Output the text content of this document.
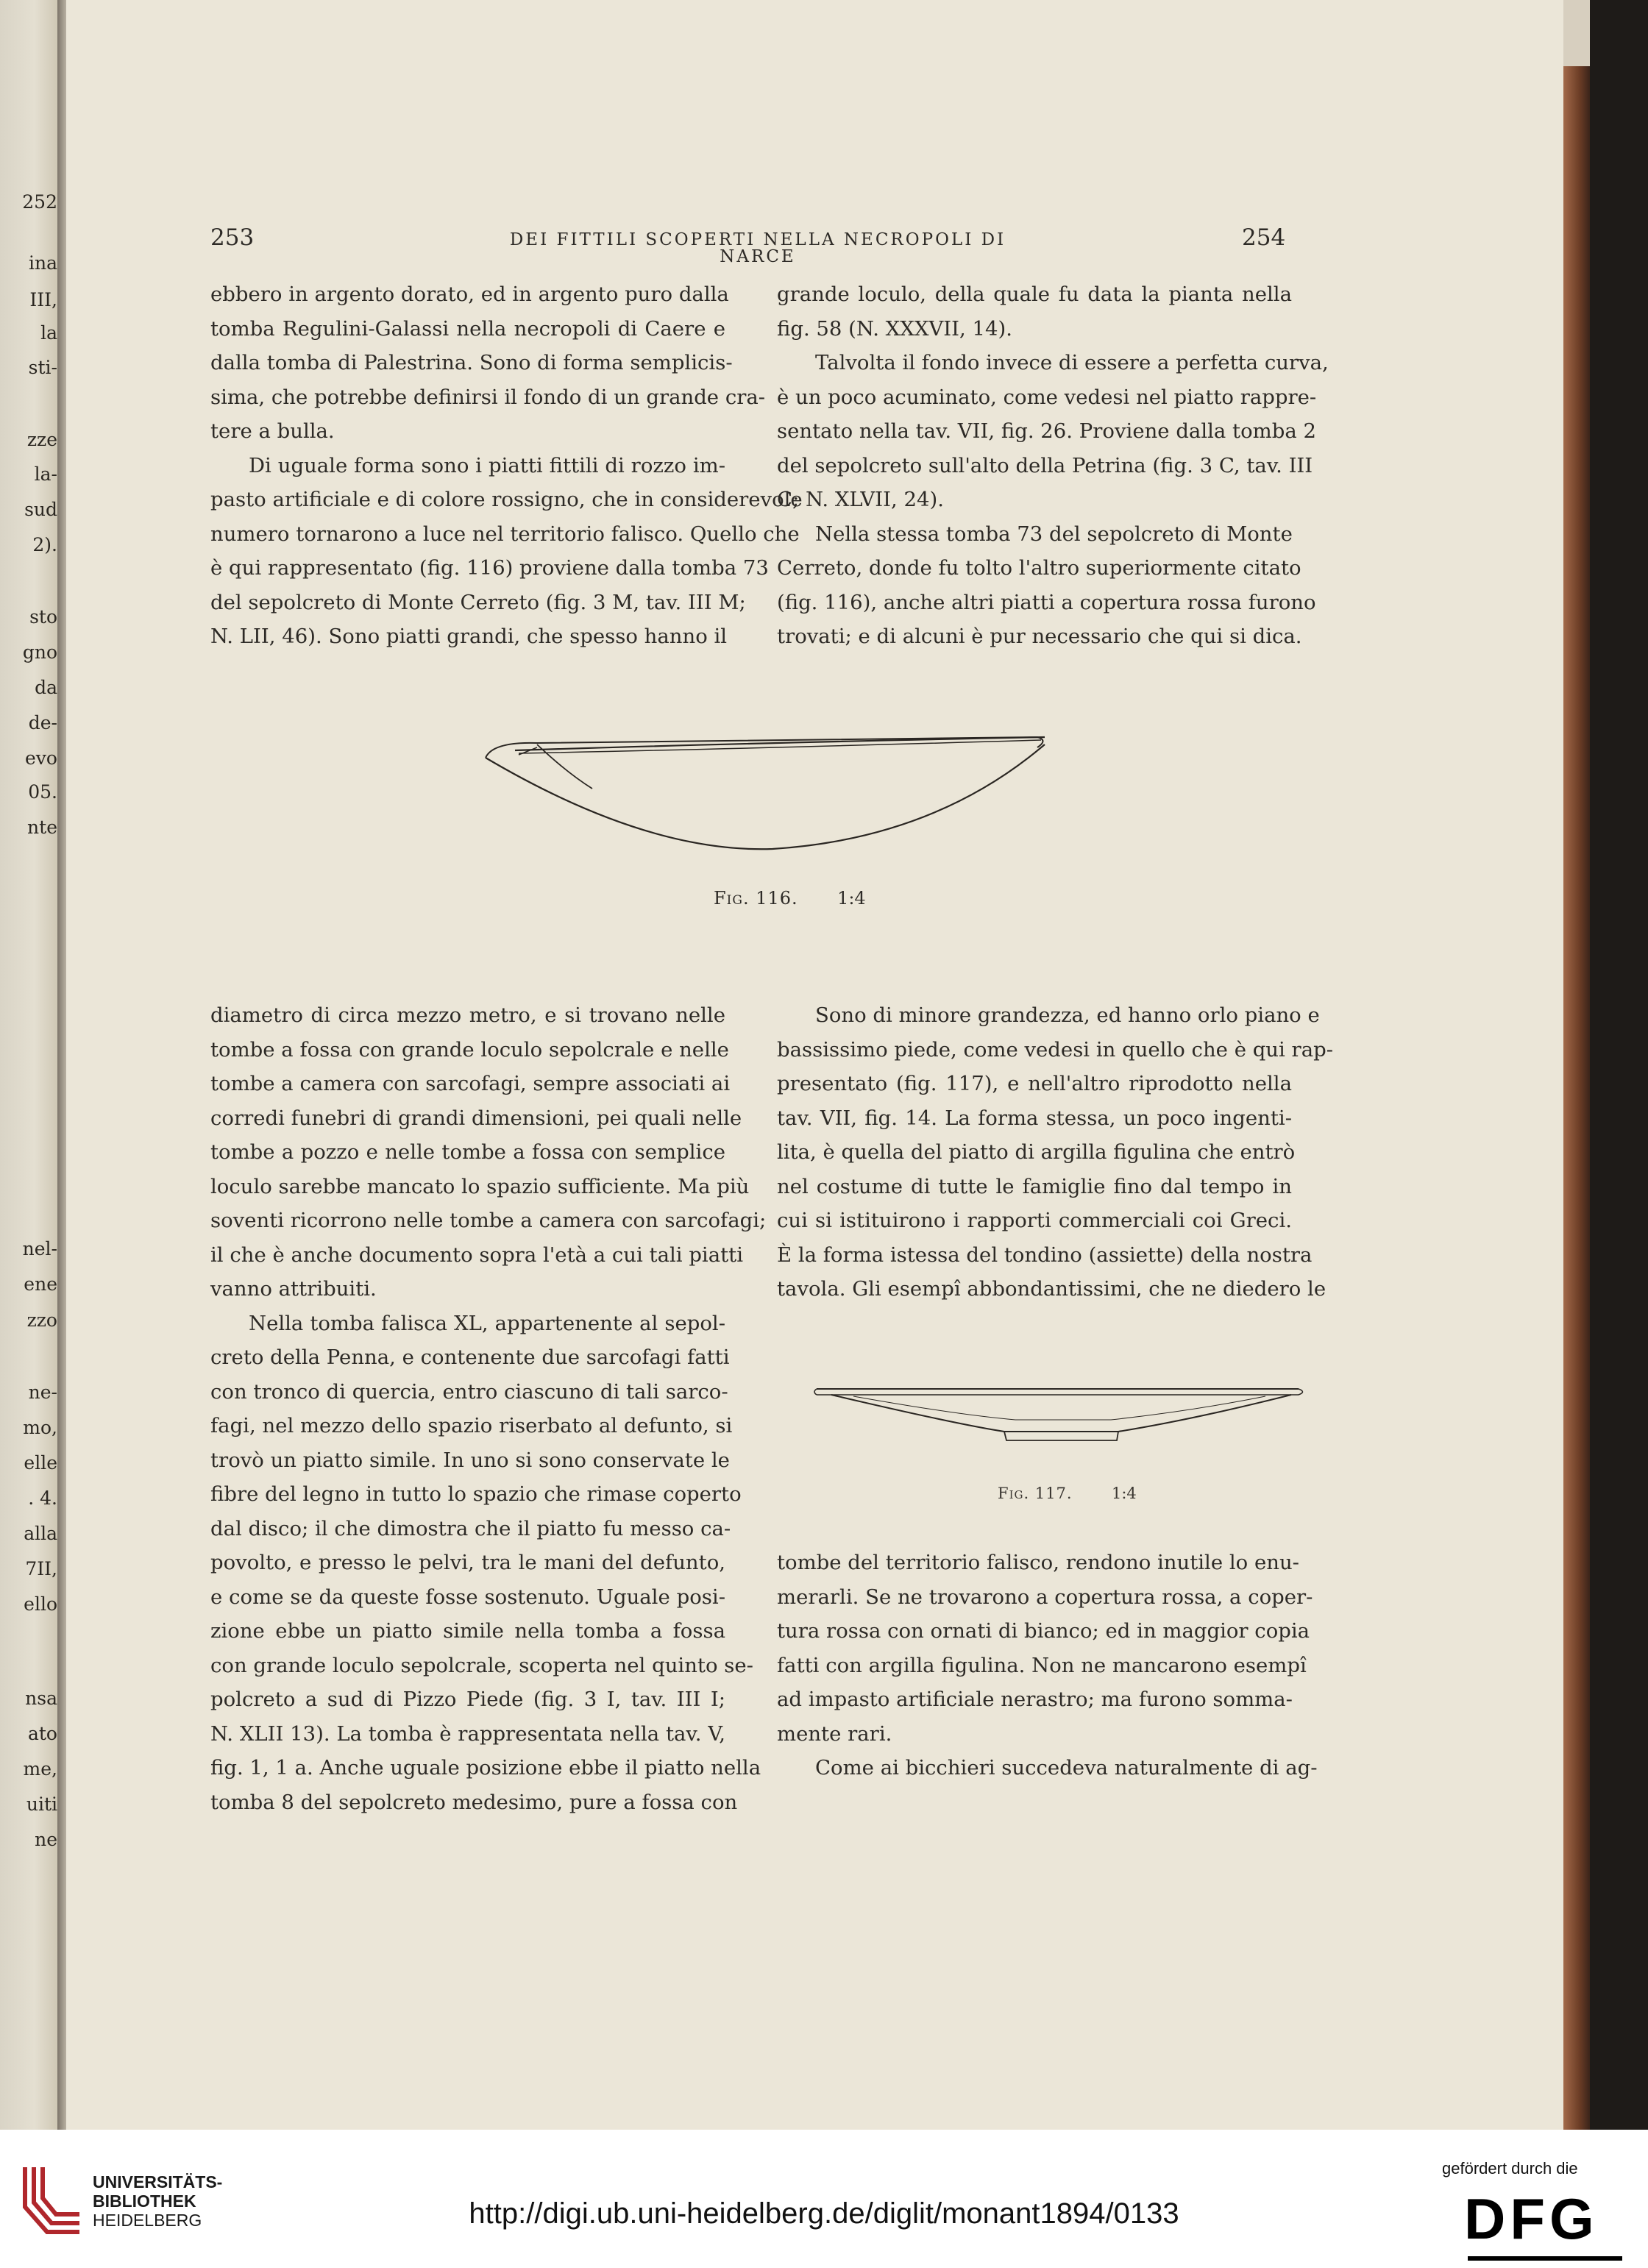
252
ina
III,
la
sti-
zze
la-
sud
2).
sto
gno
da
de-
evo
05.
nte
nel-
ene
zzo
ne-
mo,
elle
. 4.
alla
7II,
ello
nsa
ato
me,
uiti
ne
253	DEI FITTILI SCOPERTI NELLA NECROPOLI DI NARCE
254
ebbero in argento dorato, ed in argento puro dalla
tomba Regulini-Galassi nella necropoli di Caere e
dalla tomba di Palestrina. Sono di forma semplicis-
sima, che potrebbe definirsi il fondo di un grande cra-
tere a bulla.
Di uguale forma sono i piatti fittili di rozzo im-
pasto artificiale e di colore rossigno, che in considerevole
numero tornarono a luce nel territorio falisco. Quello che
è qui rappresentato (fig. 116) proviene dalla tomba 73
del sepolcreto di Monte Cerreto (fig. 3 M, tav. III M;
N. LII, 46). Sono piatti grandi, che spesso hanno il
grande loculo, della quale fu data la pianta nella
fig. 58 (N. XXXVII, 14).
Talvolta il fondo invece di essere a perfetta curva,
è un poco acuminato, come vedesi nel piatto rappre-
sentato nella tav. VII, fig. 26. Proviene dalla tomba 2
del sepolcreto sull'alto della Petrina (fig. 3 C, tav. III
C; N. XLVII, 24).
Nella stessa tomba 73 del sepolcreto di Monte
Cerreto, donde fu tolto l'altro superiormente citato
(fig. 116), anche altri piatti a copertura rossa furono
trovati; e di alcuni è pur necessario che qui si dica.
Fig. 116. 1:4
diametro di circa mezzo metro, e si trovano nelle
tombe a fossa con grande loculo sepolcrale e nelle
tombe a camera con sarcofagi, sempre associati ai
corredi funebri di grandi dimensioni, pei quali nelle
tombe a pozzo e nelle tombe a fossa con semplice
loculo sarebbe mancato lo spazio sufficiente. Ma più
soventi ricorrono nelle tombe a camera con sarcofagi;
il che è anche documento sopra l'età a cui tali piatti
vanno attribuiti.
Nella tomba falisca XL, appartenente al sepol-
creto della Penna, e contenente due sarcofagi fatti
con tronco di quercia, entro ciascuno di tali sarco-
fagi, nel mezzo dello spazio riserbato al defunto, si
trovò un piatto simile. In uno si sono conservate le
fibre del legno in tutto lo spazio che rimase coperto
dal disco; il che dimostra che il piatto fu messo ca-
povolto, e presso le pelvi, tra le mani del defunto,
e come se da queste fosse sostenuto. Uguale posi-
zione ebbe un piatto simile nella tomba a fossa
con grande loculo sepolcrale, scoperta nel quinto se-
polcreto a sud di Pizzo Piede (fig. 3 I, tav. III I;
N. XLII 13). La tomba è rappresentata nella tav. V,
fig. 1, 1 a. Anche uguale posizione ebbe il piatto nella
tomba 8 del sepolcreto medesimo, pure a fossa con
Sono di minore grandezza, ed hanno orlo piano e
bassissimo piede, come vedesi in quello che è qui rap-
presentato (fig. 117), e nell'altro riprodotto nella
tav. VII, fig. 14. La forma stessa, un poco ingenti-
lita, è quella del piatto di argilla figulina che entrò
nel costume di tutte le famiglie fino dal tempo in
cui si istituirono i rapporti commerciali coi Greci.
È la forma istessa del tondino (assiette) della nostra
tavola. Gli esempî abbondantissimi, che ne diedero le
Fig. 117.	1:4
tombe del territorio falisco, rendono inutile lo enu-
merarli. Se ne trovarono a copertura rossa, a coper-
tura rossa con ornati di bianco; ed in maggior copia
fatti con argilla figulina. Non ne mancarono esempî
ad impasto artificiale nerastro; ma furono somma-
mente rari.
Come ai bicchieri succedeva naturalmente di ag-
UNIVERSITÄTS-
BIBLIOTHEK
HEIDELBERG	http://digi.ub.uni-heidelberg.de/diglit/monant1894/0133
gefördert durch die
DFG
